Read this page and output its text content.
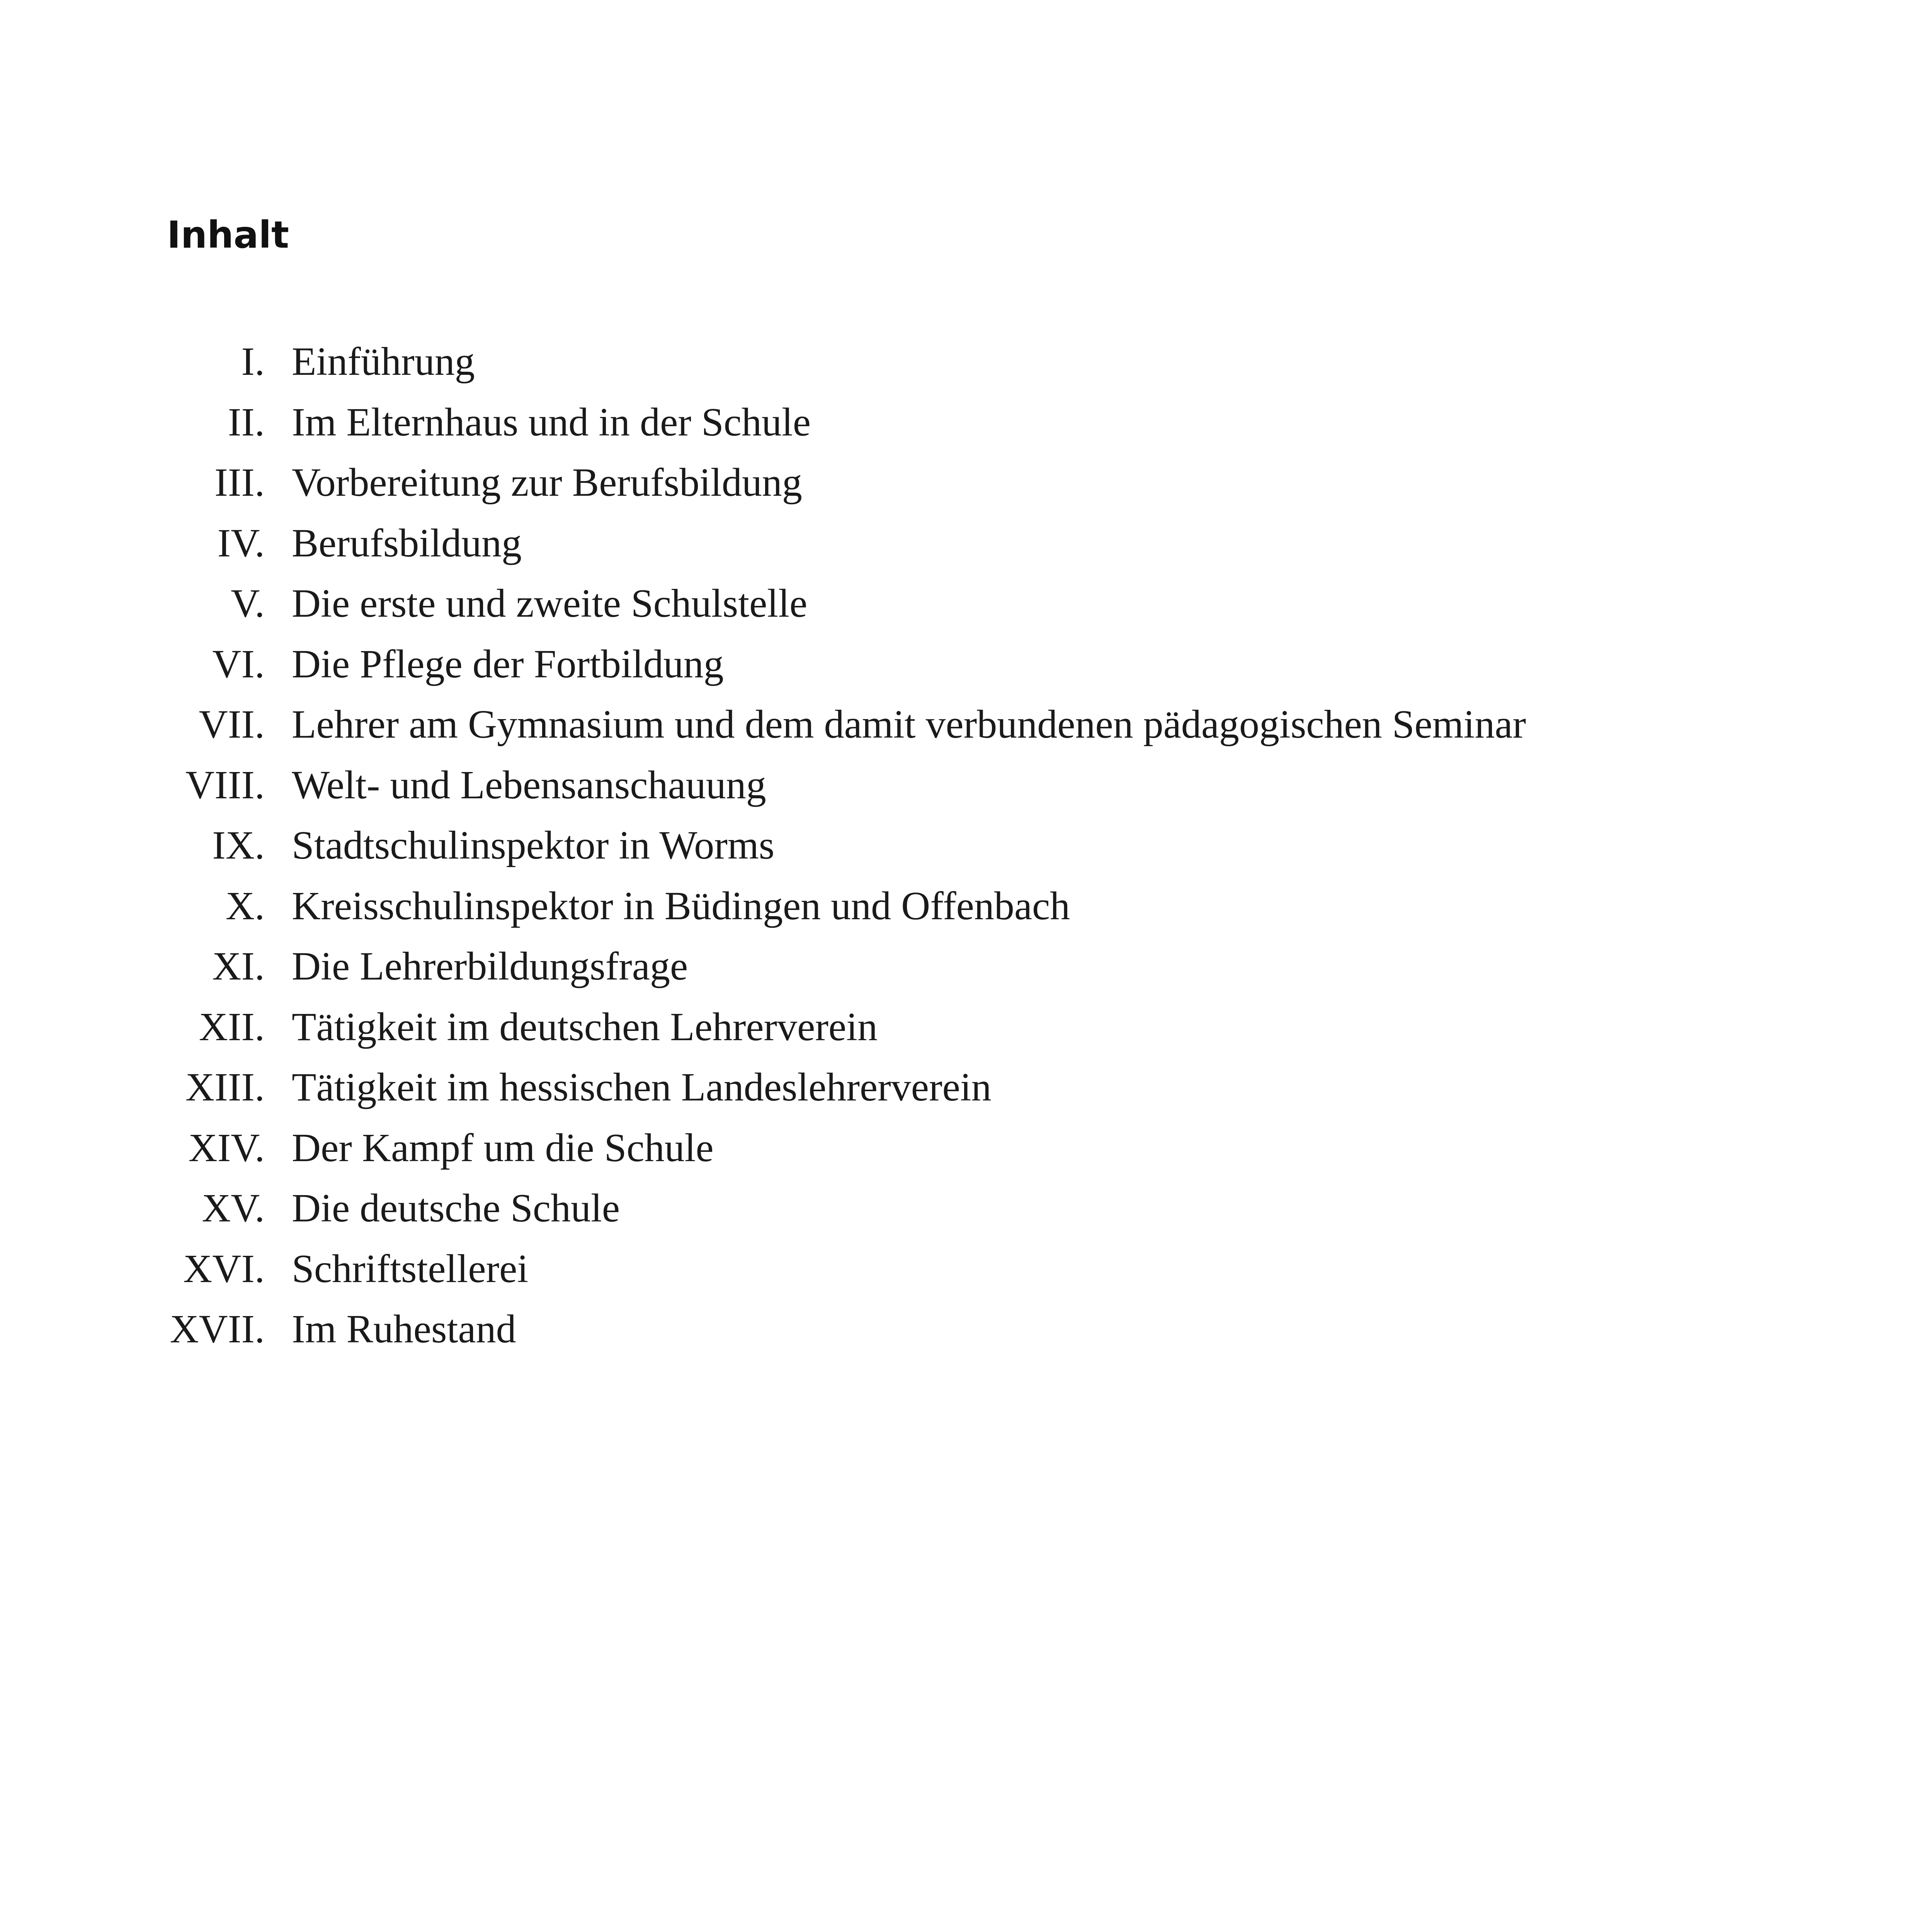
Inhalt
I. Einführung
II. Im Elternhaus und in der Schule
III. Vorbereitung zur Berufsbildung
IV. Berufsbildung
V. Die erste und zweite Schulstelle
VI. Die Pflege der Fortbildung
VII. Lehrer am Gymnasium und dem damit verbundenen pädagogischen Seminar
VIII. Welt- und Lebensanschauung
IX. Stadtschulinspektor in Worms
X. Kreisschulinspektor in Büdingen und Offenbach
XI. Die Lehrerbildungsfrage
XII. Tätigkeit im deutschen Lehrerverein
XIII. Tätigkeit im hessischen Landeslehrerverein
XIV. Der Kampf um die Schule
XV. Die deutsche Schule
XVI. Schriftstellerei
XVII. Im Ruhestand
